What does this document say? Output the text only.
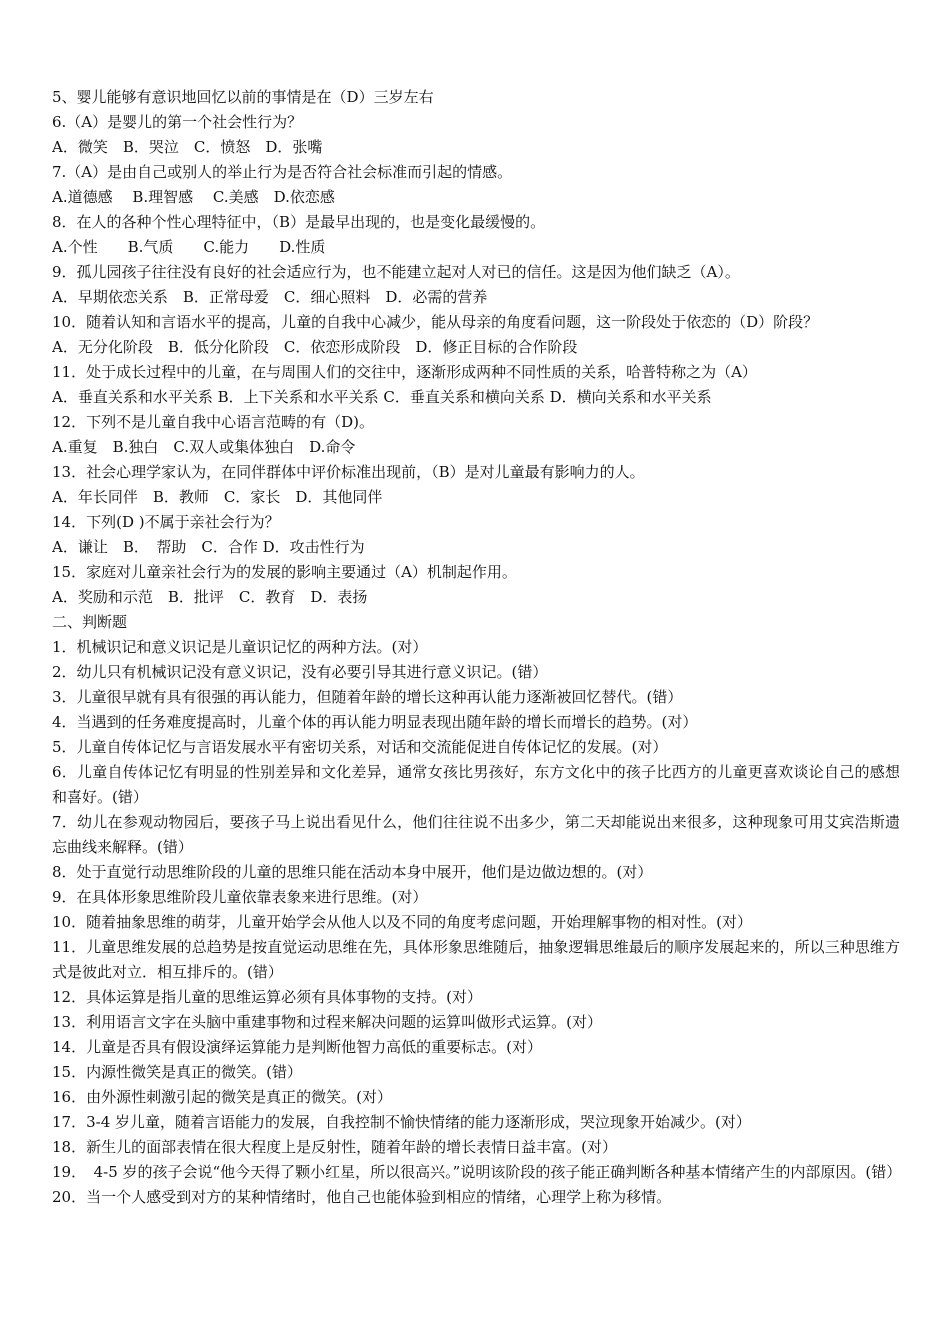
5、婴儿能够有意识地回忆以前的事情是在（D）三岁左右

6.（A）是婴儿的第一个社会性行为？

A．微笑　B．哭泣　C．愤怒　D．张嘴

7.（A）是由自己或别人的举止行为是否符合社会标准而引起的情感。

A.道德感　 B.理智感　 C.美感　D.依恋感

8．在人的各种个性心理特征中，（B）是最早出现的，也是变化最缓慢的。

A.个性　　B.气质　　C.能力　　D.性质

9．孤儿园孩子往往没有良好的社会适应行为，也不能建立起对人对已的信任。这是因为他们缺乏（A）。

A．早期依恋关系　B．正常母爱　C．细心照料　D．必需的营养

10．随着认知和言语水平的提高，儿童的自我中心减少，能从母亲的角度看问题，这一阶段处于依恋的（D）阶段？

A．无分化阶段　B．低分化阶段　C．依恋形成阶段　D．修正目标的合作阶段

11．处于成长过程中的儿童，在与周围人们的交往中，逐渐形成两种不同性质的关系，哈普特称之为（A）

A．垂直关系和水平关系 B．上下关系和水平关系 C．垂直关系和横向关系 D．横向关系和水平关系

12．下列不是儿童自我中心语言范畴的有（D)。

A.重复　B.独白　C.双人或集体独白　D.命令

13．社会心理学家认为，在同伴群体中评价标准出现前，（B）是对儿童最有影响力的人。

A．年长同伴　B．教师　C．家长　D．其他同伴

14．下列(D )不属于亲社会行为？

A．谦让　B．　帮助　C．合作 D．攻击性行为

15．家庭对儿童亲社会行为的发展的影响主要通过（A）机制起作用。

A．奖励和示范　B．批评　C．教育　D．表扬

二、判断题

1．机械识记和意义识记是儿童识记忆的两种方法。(对）

2．幼儿只有机械识记没有意义识记，没有必要引导其进行意义识记。(错）

3．儿童很早就有具有很强的再认能力，但随着年龄的增长这种再认能力逐渐被回忆替代。(错）

4．当遇到的任务难度提高时，儿童个体的再认能力明显表现出随年龄的增长而增长的趋势。(对）

5．儿童自传体记忆与言语发展水平有密切关系，对话和交流能促进自传体记忆的发展。(对）

6．儿童自传体记忆有明显的性别差异和文化差异，通常女孩比男孩好，东方文化中的孩子比西方的儿童更喜欢谈论自己的感想和喜好。(错）

7．幼儿在参观动物园后，要孩子马上说出看见什么，他们往往说不出多少，第二天却能说出来很多，这种现象可用艾宾浩斯遗忘曲线来解释。(错）

8．处于直觉行动思维阶段的儿童的思维只能在活动本身中展开，他们是边做边想的。(对）

9．在具体形象思维阶段儿童依靠表象来进行思维。(对）

10．随着抽象思维的萌芽，儿童开始学会从他人以及不同的角度考虑问题，开始理解事物的相对性。(对）

11．儿童思维发展的总趋势是按直觉运动思维在先，具体形象思维随后，抽象逻辑思维最后的顺序发展起来的，所以三种思维方式是彼此对立．相互排斥的。(错）

12．具体运算是指儿童的思维运算必须有具体事物的支持。(对）

13．利用语言文字在头脑中重建事物和过程来解决问题的运算叫做形式运算。(对）

14．儿童是否具有假设演绎运算能力是判断他智力高低的重要标志。(对）

15．内源性微笑是真正的微笑。(错）

16．由外源性刺激引起的微笑是真正的微笑。(对）

17．3-4 岁儿童，随着言语能力的发展，自我控制不愉快情绪的能力逐渐形成，哭泣现象开始减少。(对）

18．新生儿的面部表情在很大程度上是反射性，随着年龄的增长表情日益丰富。(对）

19．　4-5 岁的孩子会说“他今天得了颗小红星，所以很高兴。”说明该阶段的孩子能正确判断各种基本情绪产生的内部原因。(错）

20．当一个人感受到对方的某种情绪时，他自己也能体验到相应的情绪，心理学上称为移情。
